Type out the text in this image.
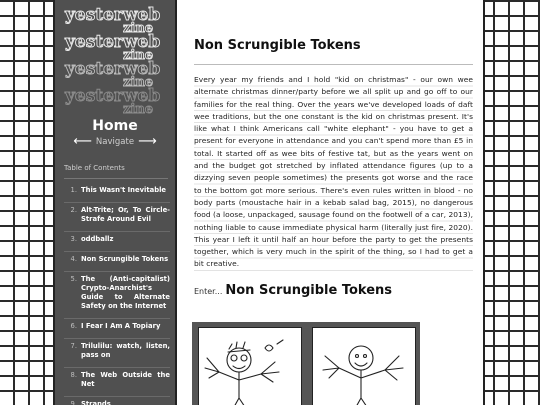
yesterweb
zine
yesterweb
zine
yesterweb
zine
yesterweb
zine
Home
⟵ Navigate ⟶
Table of Contents
1. This Wasn't Inevitable
2. Alt-Trite; Or, To Circle-Strafe Around Evil
3. oddballz
4. Non Scrungible Tokens
5. The (Anti-capitalist) Crypto-Anarchist's Guide to Alternate Safety on the Internet
6. I Fear I Am A Topiary
7. Trilulilu: watch, listen, pass on
8. The Web Outside the Net
9. Strands
Non Scrungible Tokens

Every year my friends and I hold "kid on christmas" - our own wee alternate christmas dinner/party before we all split up and go off to our families for the real thing. Over the years we've developed loads of daft wee traditions, but the one constant is the kid on christmas present. It's like what I think Americans call "white elephant" - you have to get a present for everyone in attendance and you can't spend more than £5 in total. It started off as wee bits of festive tat, but as the years went on and the budget got stretched by inflated attendance figures (up to a dizzying seven people sometimes) the presents got worse and the race to the bottom got more serious. There's even rules written in blood - no body parts (moustache hair in a kebab salad bag, 2015), no dangerous food (a loose, unpackaged, sausage found on the footwell of a car, 2013), nothing liable to cause immediate physical harm (literally just fire, 2020). This year I left it until half an hour before the party to get the presents together, which is very much in the spirit of the thing, so I had to get a bit creative.

Enter... Non Scrungible Tokens
